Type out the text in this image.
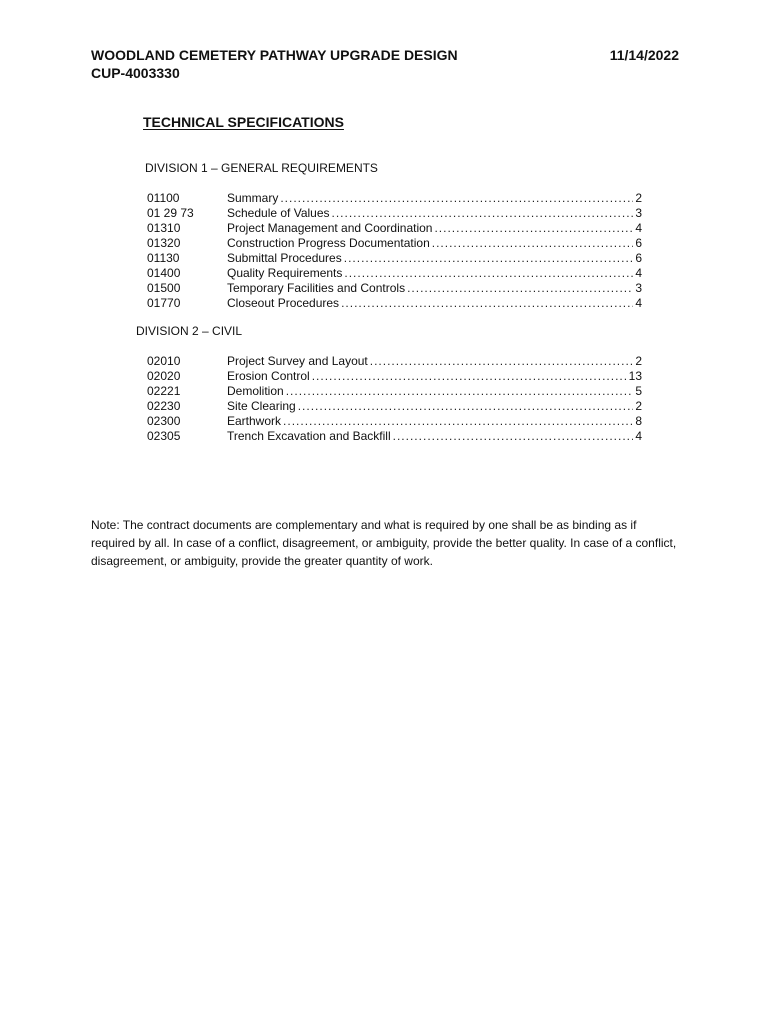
WOODLAND CEMETERY PATHWAY UPGRADE DESIGN
CUP-4003330
11/14/2022
TECHNICAL SPECIFICATIONS
DIVISION 1 – GENERAL REQUIREMENTS
01100	Summary .....	2
01 29 73	Schedule of Values .....	3
01310	Project Management and Coordination .....	4
01320	Construction Progress Documentation .....	6
01130	Submittal Procedures .....	6
01400	Quality Requirements .....	4
01500	Temporary Facilities and Controls .....	3
01770	Closeout Procedures .....	4
DIVISION 2 – CIVIL
02010	Project Survey and Layout .....	2
02020	Erosion Control .....	13
02221	Demolition .....	5
02230	Site Clearing .....	2
02300	Earthwork .....	8
02305	Trench Excavation and Backfill .....	4
Note: The contract documents are complementary and what is required by one shall be as binding as if required by all. In case of a conflict, disagreement, or ambiguity, provide the better quality. In case of a conflict, disagreement, or ambiguity, provide the greater quantity of work.
